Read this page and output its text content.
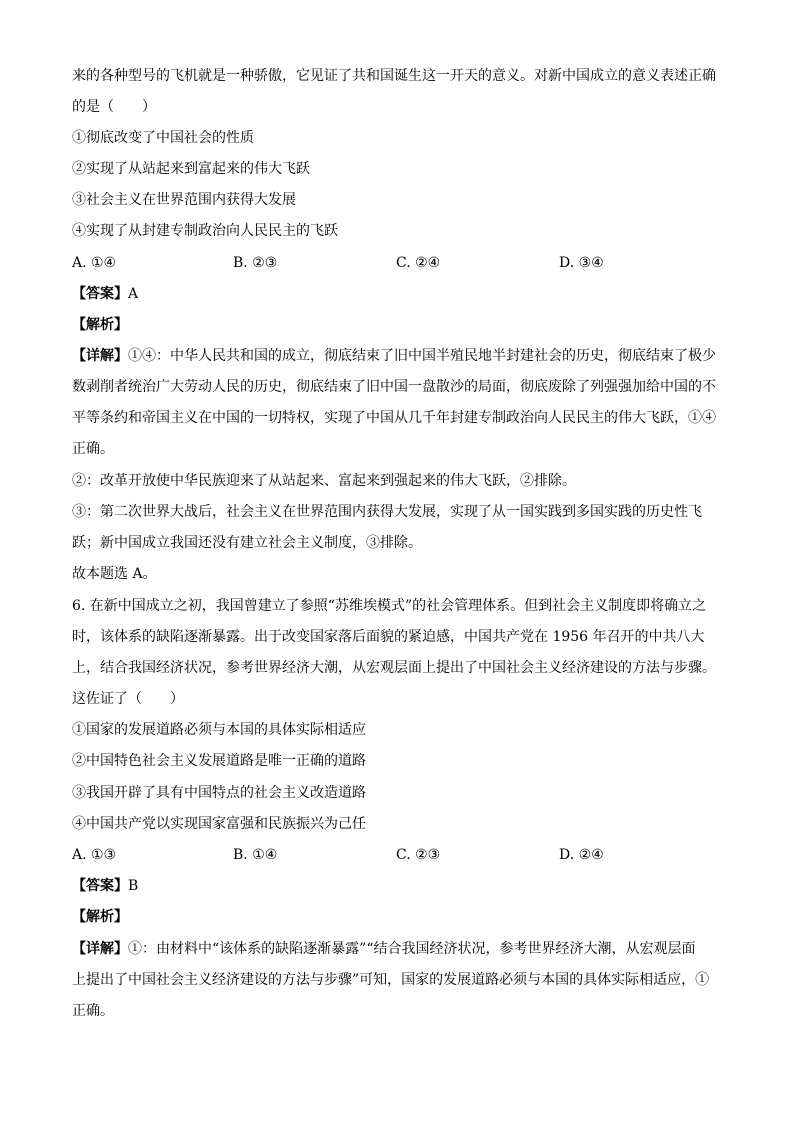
来的各种型号的飞机就是一种骄傲，它见证了共和国诞生这一开天的意义。对新中国成立的意义表述正确
的是（　　）
①彻底改变了中国社会的性质
②实现了从站起来到富起来的伟大飞跃
③社会主义在世界范围内获得大发展
④实现了从封建专制政治向人民民主的飞跃
A. ①④	B. ②③	C. ②④	D. ③④
【答案】A
【解析】
【详解】①④：中华人民共和国的成立，彻底结束了旧中国半殖民地半封建社会的历史，彻底结束了极少
数剥削者统治广大劳动人民的历史，彻底结束了旧中国一盘散沙的局面，彻底废除了列强强加给中国的不
平等条约和帝国主义在中国的一切特权，实现了中国从几千年封建专制政治向人民民主的伟大飞跃，①④
正确。
②：改革开放使中华民族迎来了从站起来、富起来到强起来的伟大飞跃，②排除。
③：第二次世界大战后，社会主义在世界范围内获得大发展，实现了从一国实践到多国实践的历史性飞
跃；新中国成立我国还没有建立社会主义制度，③排除。
故本题选 A。
6. 在新中国成立之初，我国曾建立了参照“苏维埃模式”的社会管理体系。但到社会主义制度即将确立之
时，该体系的缺陷逐渐暴露。出于改变国家落后面貌的紧迫感，中国共产党在 1956 年召开的中共八大
上，结合我国经济状况，参考世界经济大潮，从宏观层面上提出了中国社会主义经济建设的方法与步骤。
这佐证了（　　）
①国家的发展道路必须与本国的具体实际相适应
②中国特色社会主义发展道路是唯一正确的道路
③我国开辟了具有中国特点的社会主义改造道路
④中国共产党以实现国家富强和民族振兴为己任
A. ①③	B. ①④	C. ②③	D. ②④
【答案】B
【解析】
【详解】①：由材料中“该体系的缺陷逐渐暴露”“结合我国经济状况，参考世界经济大潮，从宏观层面
上提出了中国社会主义经济建设的方法与步骤”可知，国家的发展道路必须与本国的具体实际相适应，①
正确。
